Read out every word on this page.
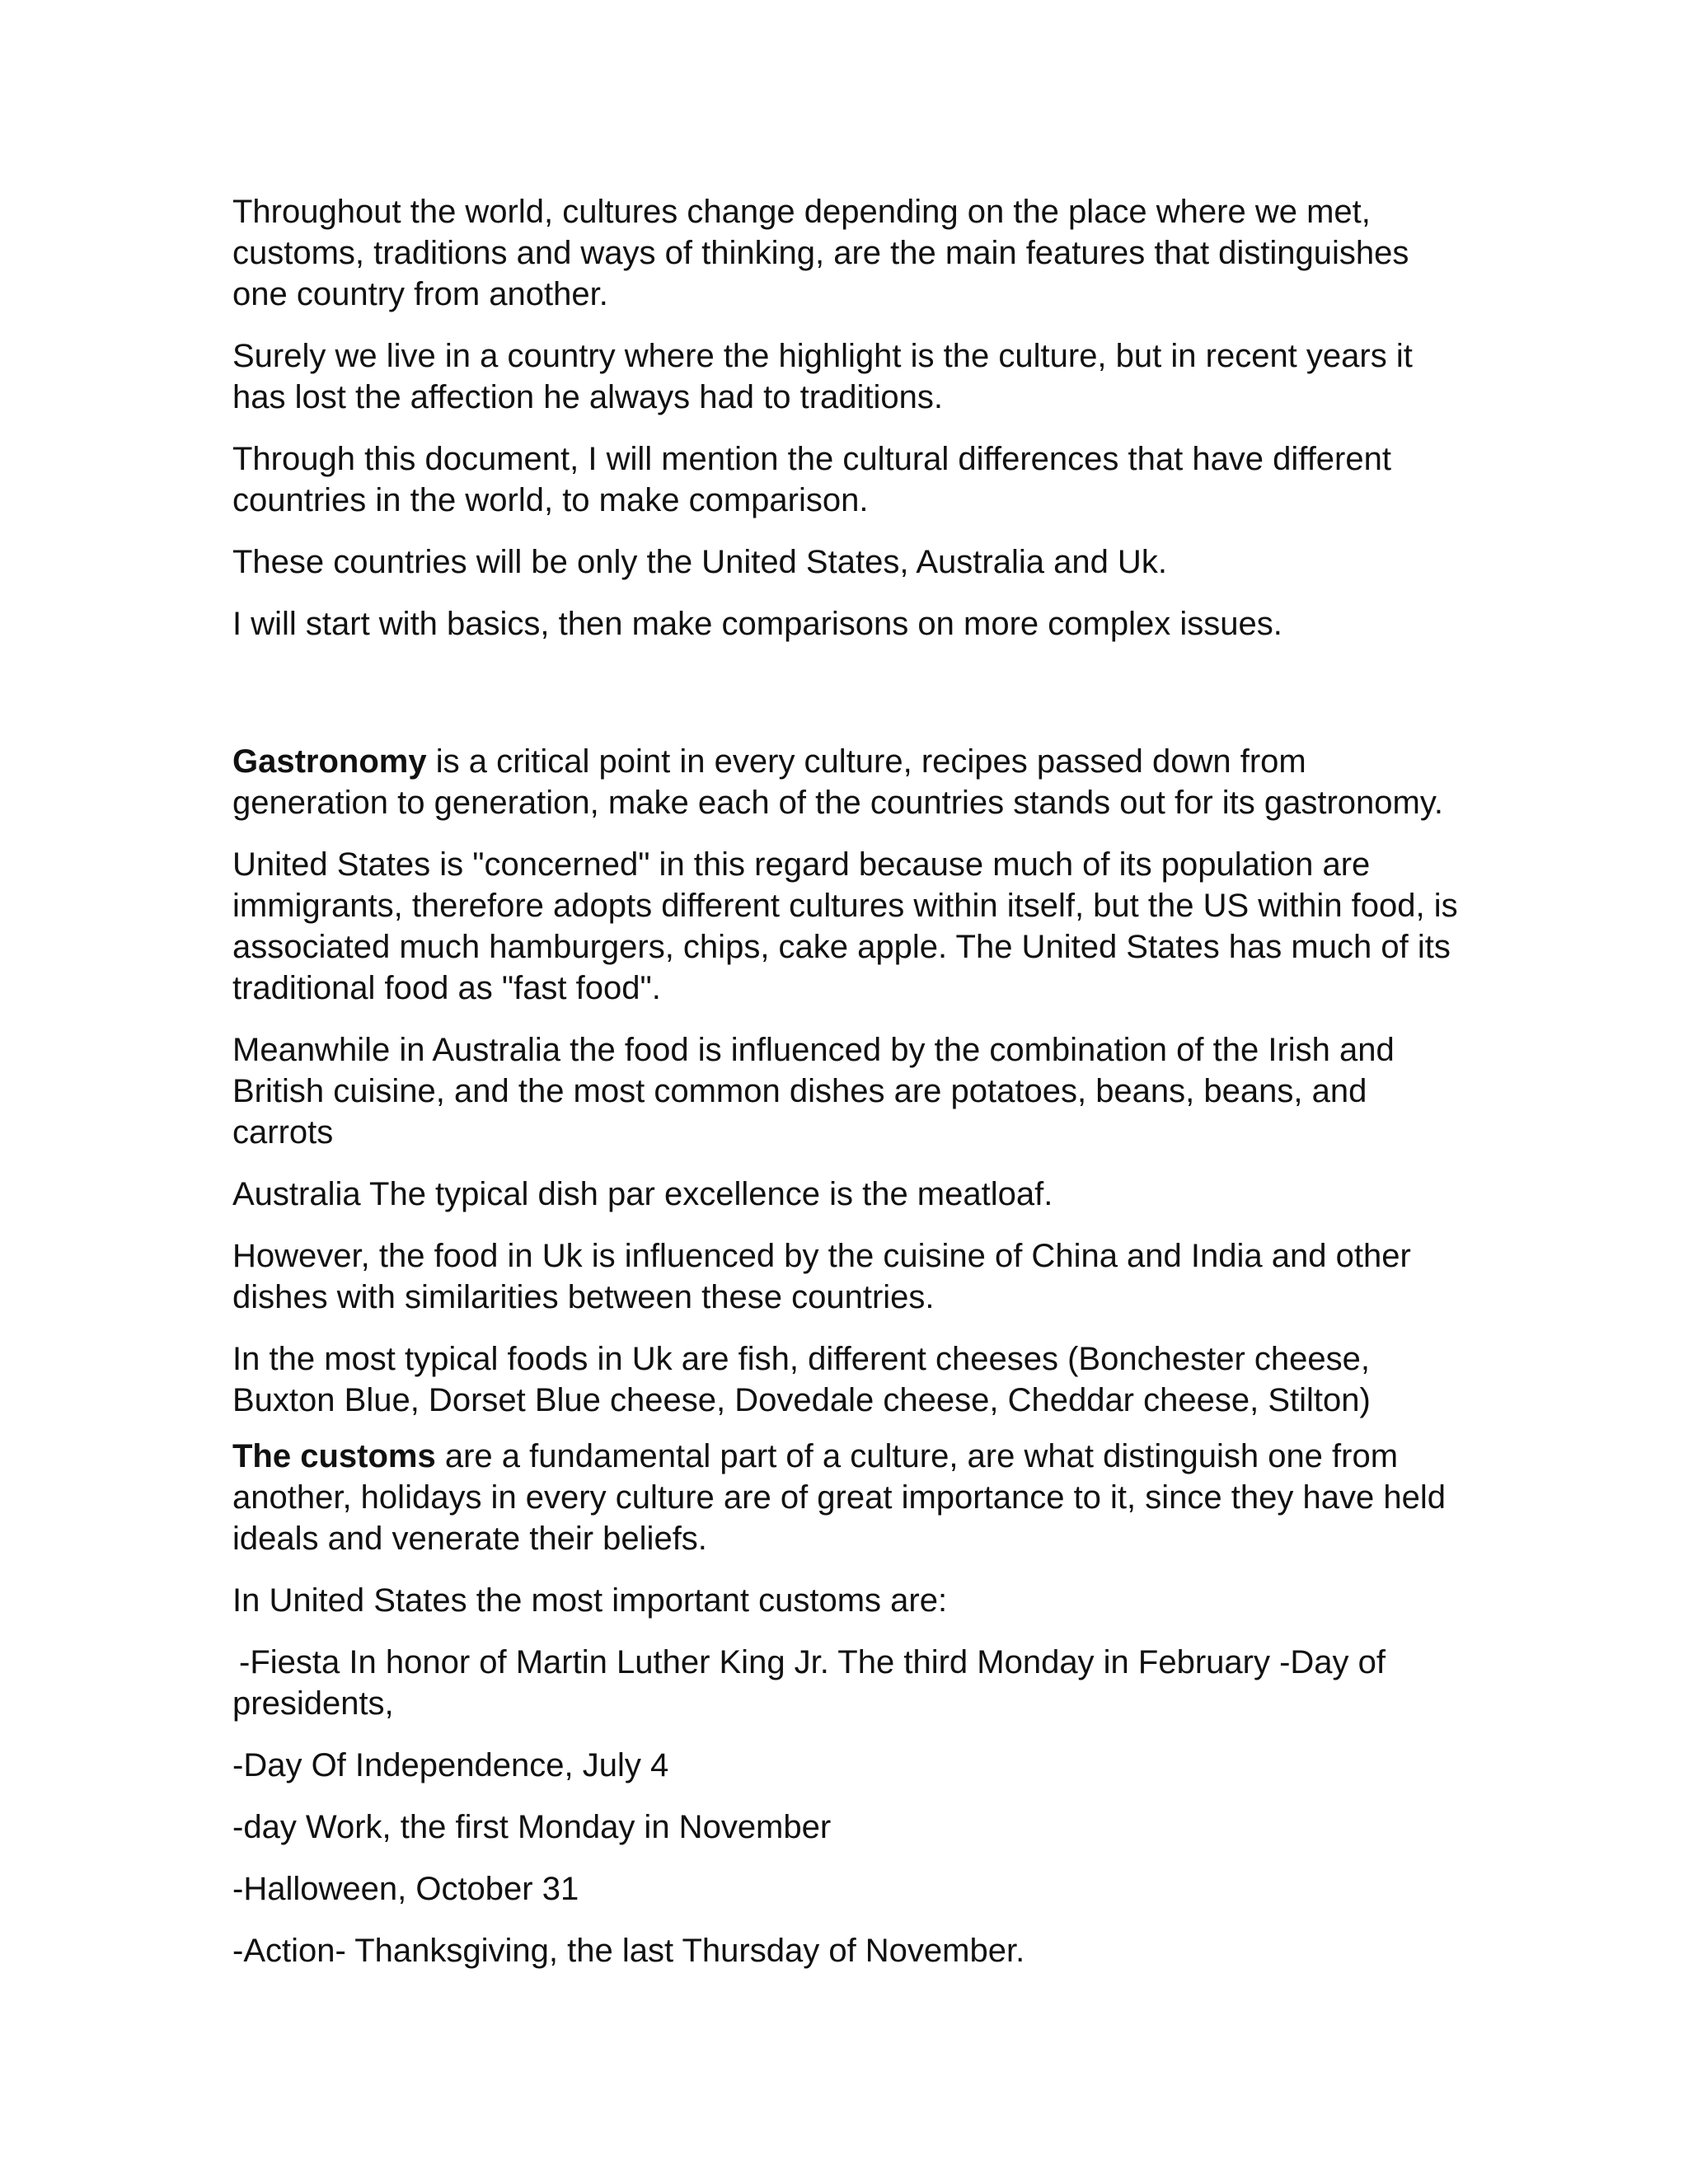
Throughout the world, cultures change depending on the place where we met, customs, traditions and ways of thinking, are the main features that distinguishes one country from another.

Surely we live in a country where the highlight is the culture, but in recent years it has lost the affection he always had to traditions.

Through this document, I will mention the cultural differences that have different countries in the world, to make comparison.

These countries will be only the United States, Australia and Uk.

I will start with basics, then make comparisons on more complex issues.

Gastronomy is a critical point in every culture, recipes passed down from generation to generation, make each of the countries stands out for its gastronomy.

United States is "concerned" in this regard because much of its population are immigrants, therefore adopts different cultures within itself, but the US within food, is associated much hamburgers, chips, cake apple. The United States has much of its traditional food as "fast food".

Meanwhile in Australia the food is influenced by the combination of the Irish and British cuisine, and the most common dishes are potatoes, beans, beans, and carrots

Australia The typical dish par excellence is the meatloaf.

However, the food in Uk is influenced by the cuisine of China and India and other dishes with similarities between these countries.

In the most typical foods in Uk are fish, different cheeses (Bonchester cheese, Buxton Blue, Dorset Blue cheese, Dovedale cheese, Cheddar cheese, Stilton)

The customs are a fundamental part of a culture, are what distinguish one from another, holidays in every culture are of great importance to it, since they have held ideals and venerate their beliefs.

In United States the most important customs are:

-Fiesta In honor of Martin Luther King Jr. The third Monday in February -Day of presidents,

-Day Of Independence, July 4

-day Work, the first Monday in November

-Halloween, October 31

-Action- Thanksgiving, the last Thursday of November.
